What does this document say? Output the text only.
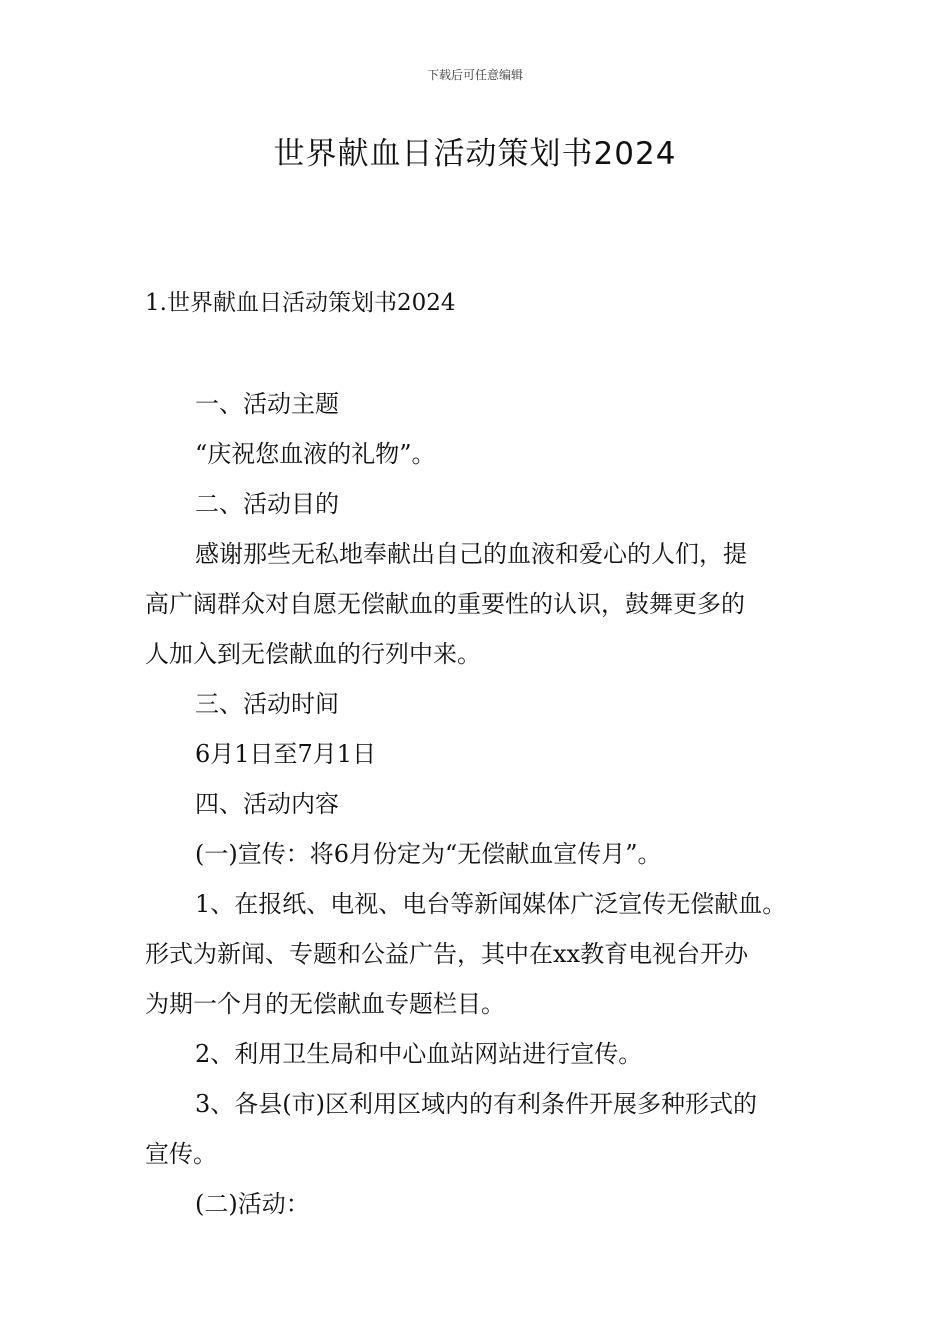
下载后可任意编辑
世界献血日活动策划书2024
1.世界献血日活动策划书2024
一、活动主题
“庆祝您血液的礼物”。
二、活动目的
感谢那些无私地奉献出自己的血液和爱心的人们，提
高广阔群众对自愿无偿献血的重要性的认识，鼓舞更多的
人加入到无偿献血的行列中来。
三、活动时间
6月1日至7月1日
四、活动内容
(一)宣传：将6月份定为“无偿献血宣传月”。
1、在报纸、电视、电台等新闻媒体广泛宣传无偿献血。
形式为新闻、专题和公益广告，其中在xx教育电视台开办
为期一个月的无偿献血专题栏目。
2、利用卫生局和中心血站网站进行宣传。
3、各县(市)区利用区域内的有利条件开展多种形式的
宣传。
(二)活动：
